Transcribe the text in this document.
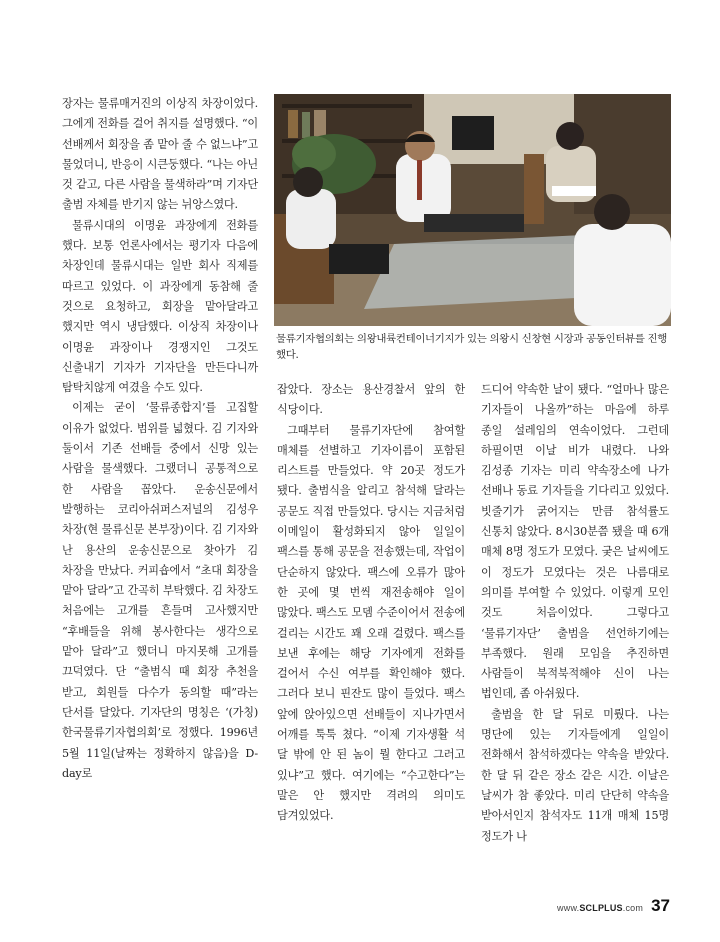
장자는 물류매거진의 이상직 차장이었다. 그에게 전화를 걸어 취지를 설명했다. “이 선배께서 회장을 좀 맡아 줄 수 없느냐”고 물었더니, 반응이 시큰둥했다. “나는 아닌 것 같고, 다른 사람을 물색하라”며 기자단 출범 자체를 반기지 않는 뉘앙스였다.

물류시대의 이명윤 과장에게 전화를 했다. 보통 언론사에서는 평기자 다음에 차장인데 물류시대는 일반 회사 직제를 따르고 있었다. 이 과장에게 동참해 줄 것으로 요청하고, 회장을 맡아달라고 했지만 역시 냉담했다. 이상직 차장이나 이명윤 과장이나 경쟁지인 그것도 신출내기 기자가 기자단을 만든다니까 탐탁치않게 여겼을 수도 있다.

이제는 굳이 ‘물류종합지’를 고집할 이유가 없었다. 범위를 넓혔다. 김 기자와 둘이서 기존 선배들 중에서 신망 있는 사람을 물색했다. 그랬더니 공통적으로 한 사람을 꼽았다. 운송신문에서 발행하는 코리아쉬퍼스저널의 김성우 차장(현 물류신문 본부장)이다. 김 기자와 난 용산의 운송신문으로 찾아가 김 차장을 만났다. 커피숍에서 “초대 회장을 맡아 달라”고 간곡히 부탁했다. 김 차장도 처음에는 고개를 흔들며 고사했지만 “후배들을 위해 봉사한다는 생각으로 맡아 달라”고 했더니 마지못해 고개를 끄덕였다. 단 “출범식 때 회장 추천을 받고, 회원들 다수가 동의할 때”라는 단서를 달았다. 기자단의 명칭은 ‘(가칭)한국물류기자협의회’로 정했다. 1996년 5월 11일(날짜는 정확하지 않음)을 D-day로

물류기자협의회는 의왕내륙컨테이너기지가 있는 의왕시 신창현 시장과 공동인터뷰를 진행했다.

잡았다. 장소는 용산경찰서 앞의 한 식당이다.

그때부터 물류기자단에 참여할 매체를 선별하고 기자이름이 포함된 리스트를 만들었다. 약 20곳 정도가 됐다. 출범식을 알리고 참석해 달라는 공문도 직접 만들었다. 당시는 지금처럼 이메일이 활성화되지 않아 일일이 팩스를 통해 공문을 전송했는데, 작업이 단순하지 않았다. 팩스에 오류가 많아 한 곳에 몇 번씩 재전송해야 일이 많았다. 팩스도 모뎀 수준이어서 전송에 걸리는 시간도 꽤 오래 걸렸다. 팩스를 보낸 후에는 해당 기자에게 전화를 걸어서 수신 여부를 확인해야 했다. 그러다 보니 핀잔도 많이 들었다. 팩스 앞에 앉아있으면 선배들이 지나가면서 어깨를 툭툭 쳤다. “이제 기자생활 석 달 밖에 안 된 놈이 뭘 한다고 그러고 있냐”고 했다. 여기에는 “수고한다”는 말은 안 했지만 격려의 의미도 담겨있었다.

드디어 약속한 날이 됐다. “얼마나 많은 기자들이 나올까”하는 마음에 하루 종일 설레임의 연속이었다. 그런데 하필이면 이날 비가 내렸다. 나와 김성종 기자는 미리 약속장소에 나가 선배나 동료 기자들을 기다리고 있었다. 빗줄기가 굵어지는 만큼 참석률도 신통치 않았다. 8시30분쯤 됐을 때 6개 매체 8명 정도가 모였다. 궂은 날씨에도 이 정도가 모였다는 것은 나름대로 의미를 부여할 수 있었다. 이렇게 모인 것도 처음이었다. 그렇다고 ‘물류기자단’ 출범을 선언하기에는 부족했다. 원래 모임을 추진하면 사람들이 북적북적해야 신이 나는 법인데, 좀 아쉬웠다.

출범을 한 달 뒤로 미뤘다. 나는 명단에 있는 기자들에게 일일이 전화해서 참석하겠다는 약속을 받았다. 한 달 뒤 같은 장소 같은 시간. 이날은 날씨가 참 좋았다. 미리 단단히 약속을 받아서인지 참석자도 11개 매체 15명 정도가 나

www.SCLPLUS.com 37
